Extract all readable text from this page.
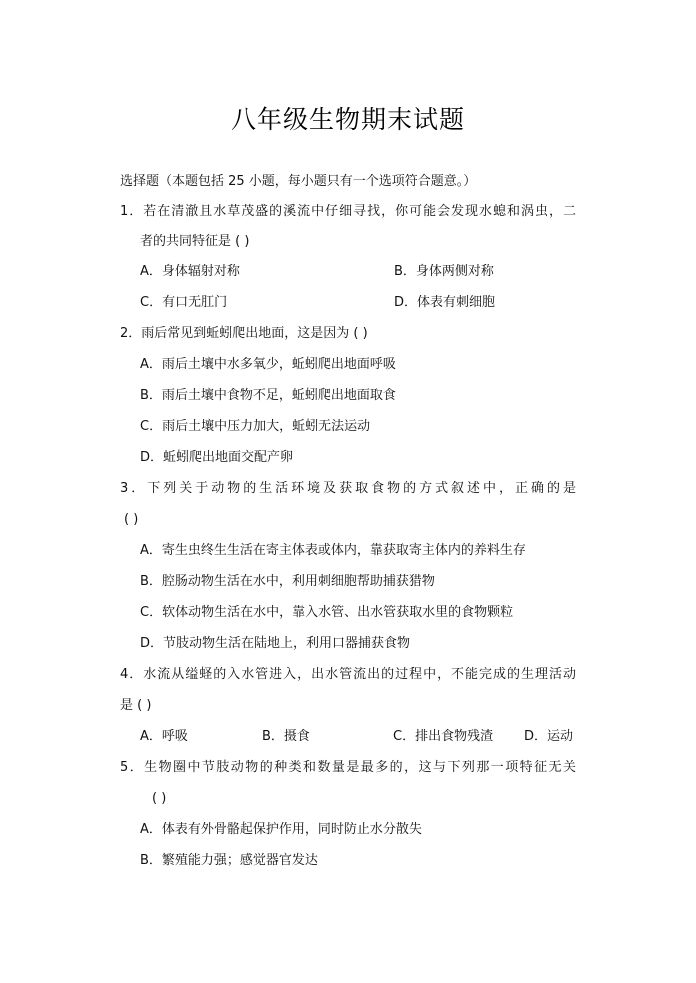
八年级生物期末试题
选择题（本题包括 25 小题，每小题只有一个选项符合题意。）
1．若在清澈且水草茂盛的溪流中仔细寻找，你可能会发现水螅和涡虫，二
者的共同特征是 ( )
A．身体辐射对称	B．身体两侧对称
C．有口无肛门	D．体表有刺细胞
2．雨后常见到蚯蚓爬出地面，这是因为 ( )
A．雨后土壤中水多氧少，蚯蚓爬出地面呼吸
B．雨后土壤中食物不足，蚯蚓爬出地面取食
C．雨后土壤中压力加大，蚯蚓无法运动
D．蚯蚓爬出地面交配产卵
3．下列关于动物的生活环境及获取食物的方式叙述中，正确的是
( )
A．寄生虫终生生活在寄主体表或体内，靠获取寄主体内的养料生存
B．腔肠动物生活在水中，利用刺细胞帮助捕获猎物
C．软体动物生活在水中，靠入水管、出水管获取水里的食物颗粒
D．节肢动物生活在陆地上，利用口器捕获食物
4．水流从缢蛏的入水管进入，出水管流出的过程中，不能完成的生理活动
是 ( )
A．呼吸	B．摄食	C．排出食物残渣 D．运动
5．生物圈中节肢动物的种类和数量是最多的，这与下列那一项特征无关
( )
A．体表有外骨骼起保护作用，同时防止水分散失
B．繁殖能力强；感觉器官发达
